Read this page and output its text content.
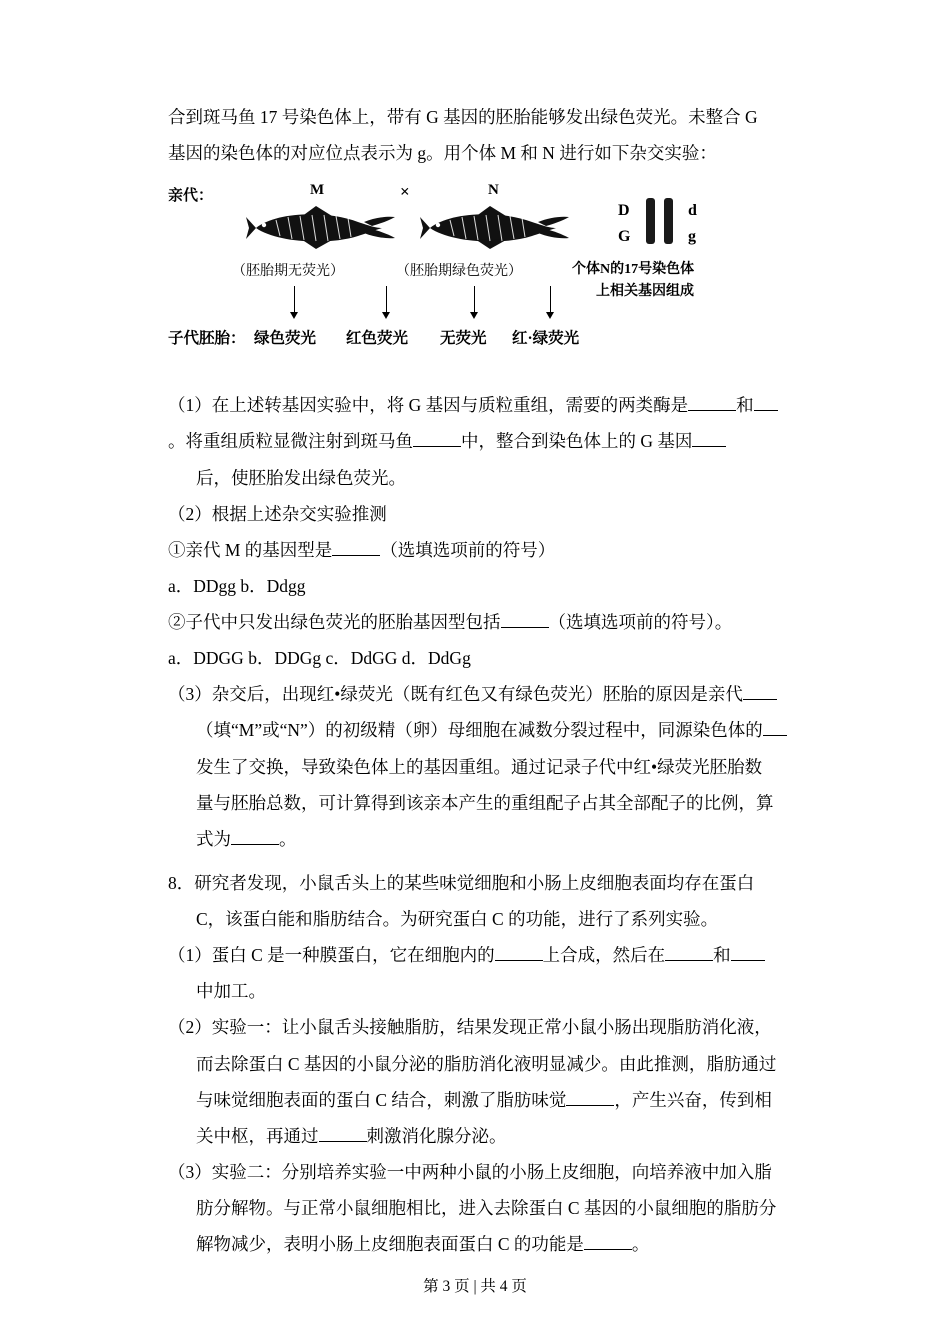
合到斑马鱼 17 号染色体上，带有 G 基因的胚胎能够发出绿色荧光。未整合 G

基因的染色体的对应位点表示为 g。用个体 M 和 N 进行如下杂交实验：

亲代：	M	×	N
（胚胎期无荧光）	（胚胎期绿色荧光）
D
G
d
g
个体N的17号染色体
上相关基因组成
子代胚胎： 绿色荧光 红色荧光 无荧光 红·绿荧光

（1）在上述转基因实验中，将 G 基因与质粒重组，需要的两类酶是	和

。将重组质粒显微注射到斑马鱼	中，整合到染色体上的 G 基因

后，使胚胎发出绿色荧光。

（2）根据上述杂交实验推测

①亲代 M 的基因型是	（选填选项前的符号）

a．DDgg b．Ddgg

②子代中只发出绿色荧光的胚胎基因型包括	（选填选项前的符号）。

a．DDGG b．DDGg c．DdGG d．DdGg

（3）杂交后，出现红•绿荧光（既有红色又有绿色荧光）胚胎的原因是亲代

（填“M”或“N”）的初级精（卵）母细胞在减数分裂过程中，同源染色体的

发生了交换，导致染色体上的基因重组。通过记录子代中红•绿荧光胚胎数

量与胚胎总数，可计算得到该亲本产生的重组配子占其全部配子的比例，算

式为	。

8．研究者发现，小鼠舌头上的某些味觉细胞和小肠上皮细胞表面均存在蛋白

C，该蛋白能和脂肪结合。为研究蛋白 C 的功能，进行了系列实验。

（1）蛋白 C 是一种膜蛋白，它在细胞内的	上合成，然后在	和

中加工。

（2）实验一：让小鼠舌头接触脂肪，结果发现正常小鼠小肠出现脂肪消化液，

而去除蛋白 C 基因的小鼠分泌的脂肪消化液明显减少。由此推测，脂肪通过

与味觉细胞表面的蛋白 C 结合，刺激了脂肪味觉	，产生兴奋，传到相

关中枢，再通过	刺激消化腺分泌。

（3）实验二：分别培养实验一中两种小鼠的小肠上皮细胞，向培养液中加入脂

肪分解物。与正常小鼠细胞相比，进入去除蛋白 C 基因的小鼠细胞的脂肪分

解物减少，表明小肠上皮细胞表面蛋白 C 的功能是	。

第 3 页 | 共 4 页
